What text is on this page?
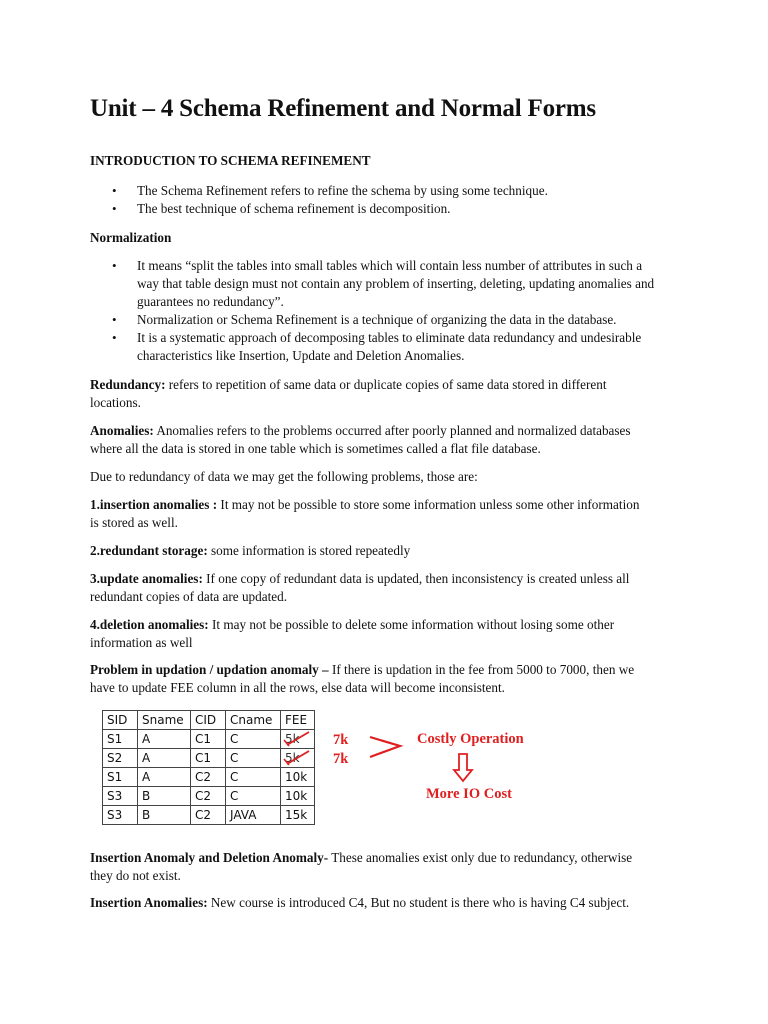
Unit – 4 Schema Refinement and Normal Forms
INTRODUCTION TO SCHEMA REFINEMENT
• The Schema Refinement refers to refine the schema by using some technique.
• The best technique of schema refinement is decomposition.
Normalization
• It means “split the tables into small tables which will contain less number of attributes in such a
way that table design must not contain any problem of inserting, deleting, updating anomalies and
guarantees no redundancy”.
• Normalization or Schema Refinement is a technique of organizing the data in the database.
• It is a systematic approach of decomposing tables to eliminate data redundancy and undesirable
characteristics like Insertion, Update and Deletion Anomalies.
Redundancy: refers to repetition of same data or duplicate copies of same data stored in different
locations.
Anomalies: Anomalies refers to the problems occurred after poorly planned and normalized databases
where all the data is stored in one table which is sometimes called a flat file database.
Due to redundancy of data we may get the following problems, those are:
1.insertion anomalies : It may not be possible to store some information unless some other information
is stored as well.
2.redundant storage: some information is stored repeatedly
3.update anomalies: If one copy of redundant data is updated, then inconsistency is created unless all
redundant copies of data are updated.
4.deletion anomalies: It may not be possible to delete some information without losing some other
information as well
Problem in updation / updation anomaly – If there is updation in the fee from 5000 to 7000, then we
have to update FEE column in all the rows, else data will become inconsistent.
SID	Sname	CID	Cname	FEE
S1	A	C1	C	5k

S2	A	C1	C	5k

S1	A	C2	C	10k
S3	B	C2	C	10k
S3	B	C2	JAVA	15k
7k
7k
Costly Operation
More IO Cost
Insertion Anomaly and Deletion Anomaly- These anomalies exist only due to redundancy, otherwise
they do not exist.
Insertion Anomalies: New course is introduced C4, But no student is there who is having C4 subject.
